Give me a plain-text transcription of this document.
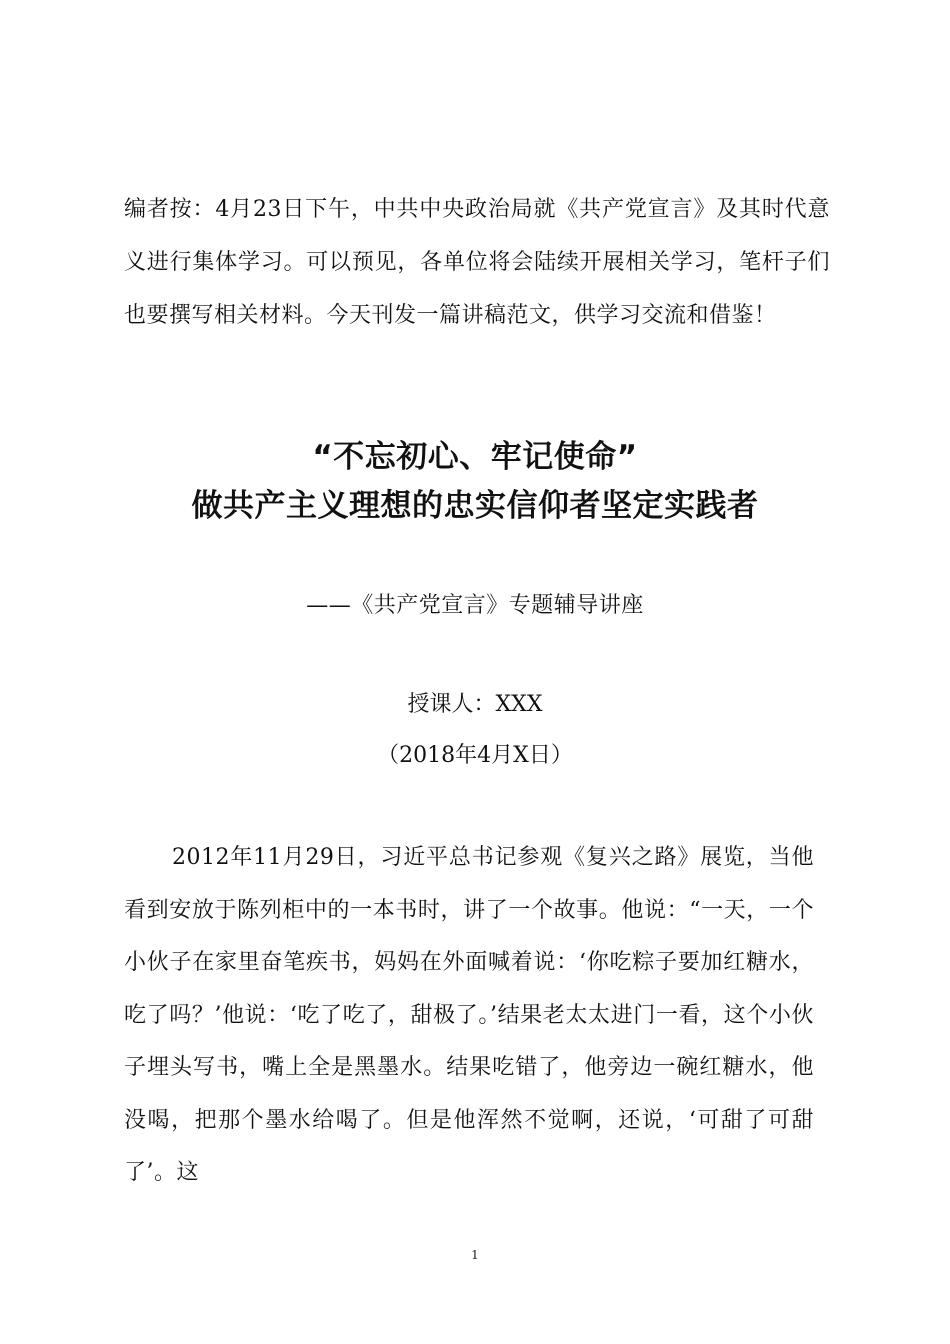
编者按：4月23日下午，中共中央政治局就《共产党宣言》及其时代意义进行集体学习。可以预见，各单位将会陆续开展相关学习，笔杆子们也要撰写相关材料。今天刊发一篇讲稿范文，供学习交流和借鉴！
“不忘初心、牢记使命”
做共产主义理想的忠实信仰者坚定实践者
——《共产党宣言》专题辅导讲座
授课人：XXX
（2018年4月X日）
2012年11月29日，习近平总书记参观《复兴之路》展览，当他看到安放于陈列柜中的一本书时，讲了一个故事。他说：“一天，一个小伙子在家里奋笔疾书，妈妈在外面喊着说：‘你吃粽子要加红糖水，吃了吗？’他说：‘吃了吃了，甜极了。’结果老太太进门一看，这个小伙子埋头写书，嘴上全是黑墨水。结果吃错了，他旁边一碗红糖水，他没喝，把那个墨水给喝了。但是他浑然不觉啊，还说，‘可甜了可甜了’。这
1
